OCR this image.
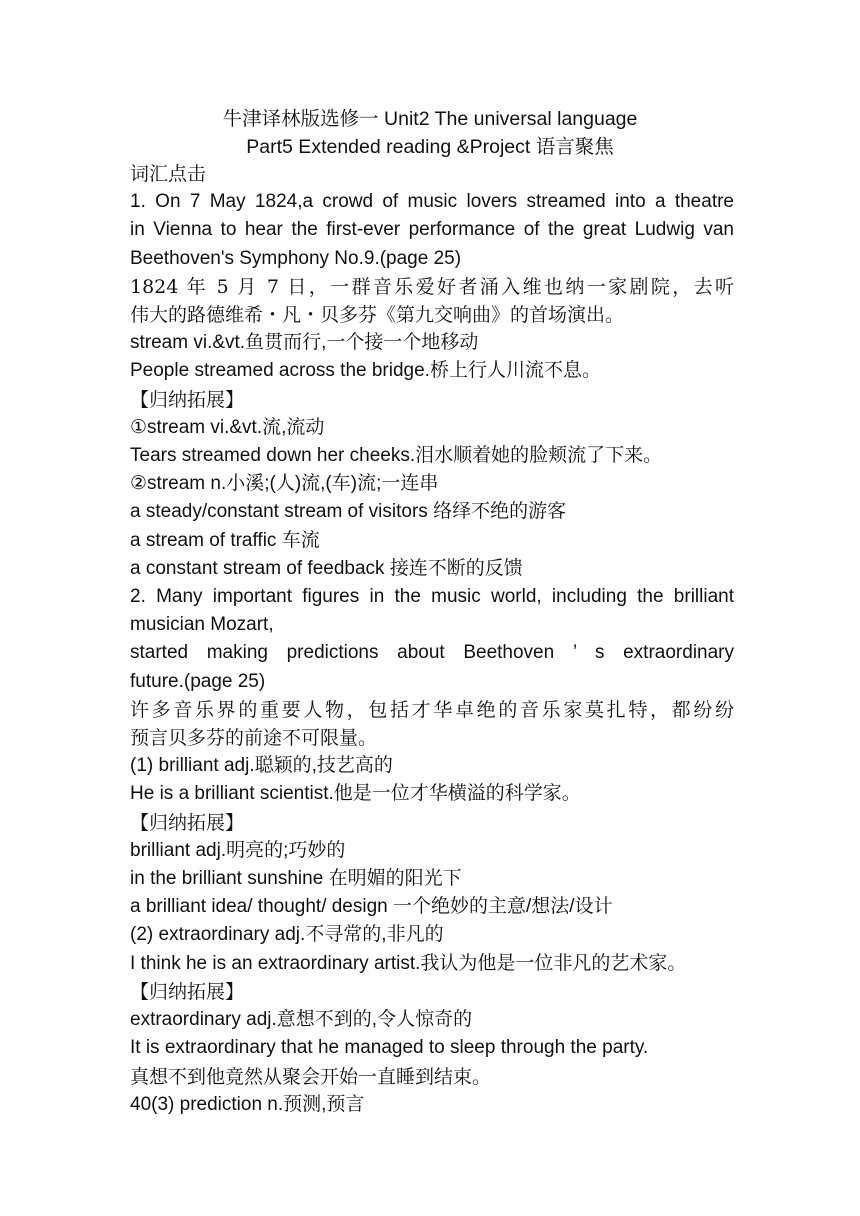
牛津译林版选修一 Unit2 The universal language
Part5 Extended reading &Project 语言聚焦

词汇点击

1. On 7 May 1824,a crowd of music lovers streamed into a theatre

in Vienna to hear the first-ever performance of the great Ludwig van

Beethoven's Symphony No.9.(page 25)

1824 年 5 月 7 日，一群音乐爱好者涌入维也纳一家剧院，去听

伟大的路德维希・凡・贝多芬《第九交响曲》的首场演出。

stream vi.&vt.鱼贯而行,一个接一个地移动

People streamed across the bridge.桥上行人川流不息。

【归纳拓展】

①stream vi.&vt.流,流动

Tears streamed down her cheeks.泪水顺着她的脸颊流了下来。

②stream n.小溪;(人)流,(车)流;一连串

a steady/constant stream of visitors 络绎不绝的游客

a stream of traffic 车流

a constant stream of feedback 接连不断的反馈

2. Many important figures in the music world, including the brilliant

musician Mozart,

started making predictions about Beethoven ’ s extraordinary

future.(page 25)

许多音乐界的重要人物，包括才华卓绝的音乐家莫扎特，都纷纷

预言贝多芬的前途不可限量。

(1) brilliant adj.聪颖的,技艺高的

He is a brilliant scientist.他是一位才华横溢的科学家。

【归纳拓展】

brilliant adj.明亮的;巧妙的

in the brilliant sunshine 在明媚的阳光下

a brilliant idea/ thought/ design 一个绝妙的主意/想法/设计

(2) extraordinary adj.不寻常的,非凡的

I think he is an extraordinary artist.我认为他是一位非凡的艺术家。

【归纳拓展】

extraordinary adj.意想不到的,令人惊奇的

It is extraordinary that he managed to sleep through the party.

真想不到他竟然从聚会开始一直睡到结束。

40(3) prediction n.预测,预言
